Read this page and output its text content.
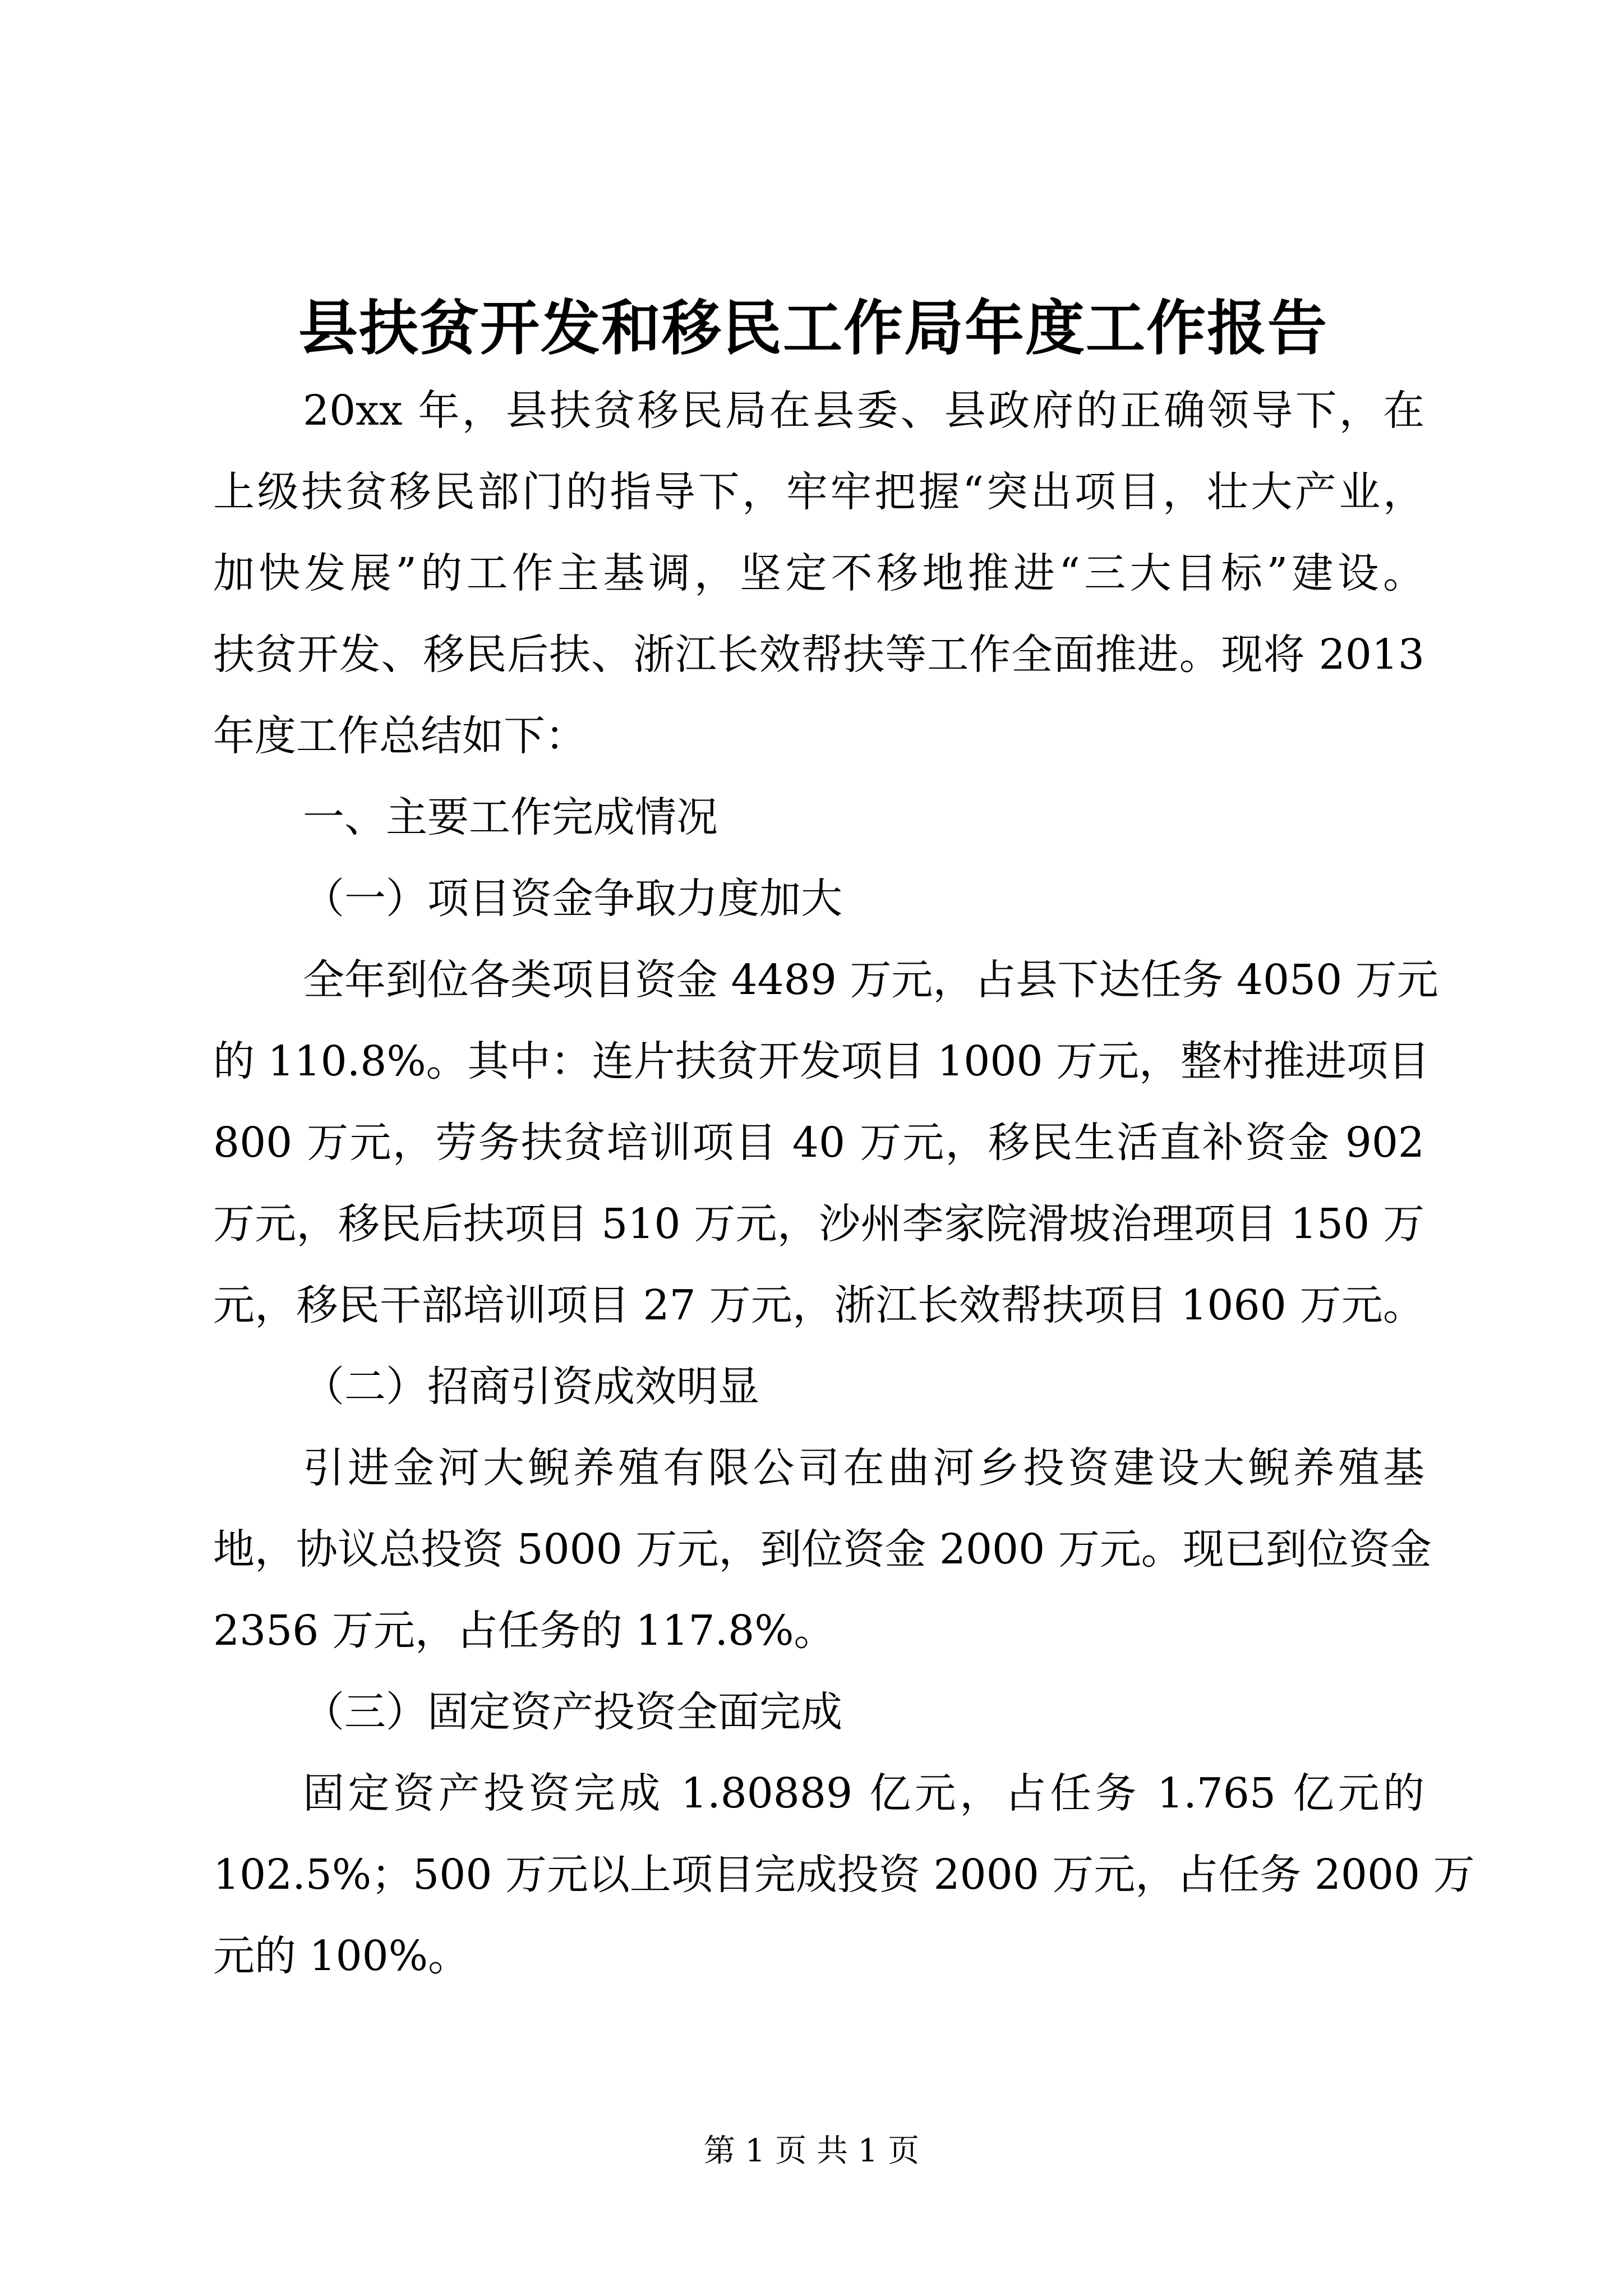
县扶贫开发和移民工作局年度工作报告
20xx 年，县扶贫移民局在县委、县政府的正确领导下，在
上级扶贫移民部门的指导下，牢牢把握“突出项目，壮大产业，
加快发展”的工作主基调，坚定不移地推进“三大目标”建设。
扶贫开发、移民后扶、浙江长效帮扶等工作全面推进。现将 2013
年度工作总结如下：
一、主要工作完成情况
（一）项目资金争取力度加大
全年到位各类项目资金 4489 万元，占县下达任务 4050 万元
的 110.8%。其中：连片扶贫开发项目 1000 万元，整村推进项目
800 万元，劳务扶贫培训项目 40 万元，移民生活直补资金 902
万元，移民后扶项目 510 万元，沙州李家院滑坡治理项目 150 万
元，移民干部培训项目 27 万元，浙江长效帮扶项目 1060 万元。
（二）招商引资成效明显
引进金河大鲵养殖有限公司在曲河乡投资建设大鲵养殖基
地，协议总投资 5000 万元，到位资金 2000 万元。现已到位资金
2356 万元，占任务的 117.8%。
（三）固定资产投资全面完成
固定资产投资完成 1.80889 亿元，占任务 1.765 亿元的
102.5%；500 万元以上项目完成投资 2000 万元，占任务 2000 万
元的 100%。
第 1 页 共 1 页
